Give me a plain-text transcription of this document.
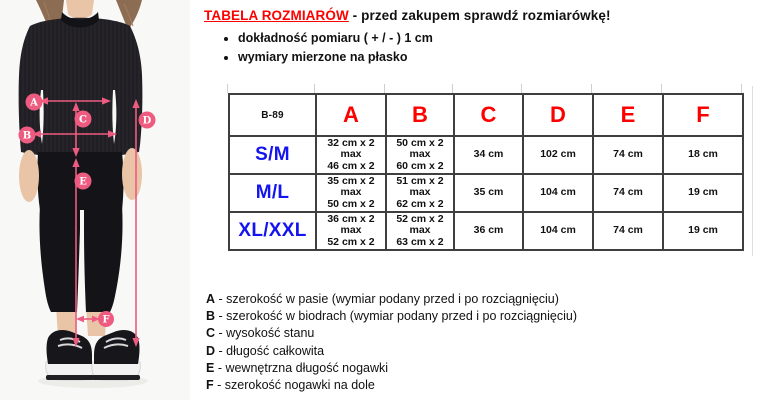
A
B
C	D
E
F
TABELA ROZMIARÓW - przed zakupem sprawdź rozmiarówkę!
• dokładność pomiaru ( + / - ) 1 cm
• wymiary mierzone na płasko
B-89	A	B	C	D	E	F
S/M	32 cm x 2
max
46 cm x 2	50 cm x 2
max
60 cm x 2	34 cm	102 cm	74 cm	18 cm
M/L	35 cm x 2
max
50 cm x 2	51 cm x 2
max
62 cm x 2	35 cm	104 cm	74 cm	19 cm
XL/XXL	36 cm x 2
max
52 cm x 2	52 cm x 2
max
63 cm x 2	36 cm	104 cm	74 cm	19 cm
A - szerokość w pasie (wymiar podany przed i po rozciągnięciu)
B - szerokość w biodrach (wymiar podany przed i po rozciągnięciu)
C - wysokość stanu
D - długość całkowita
E - wewnętrzna długość nogawki
F - szerokość nogawki na dole
